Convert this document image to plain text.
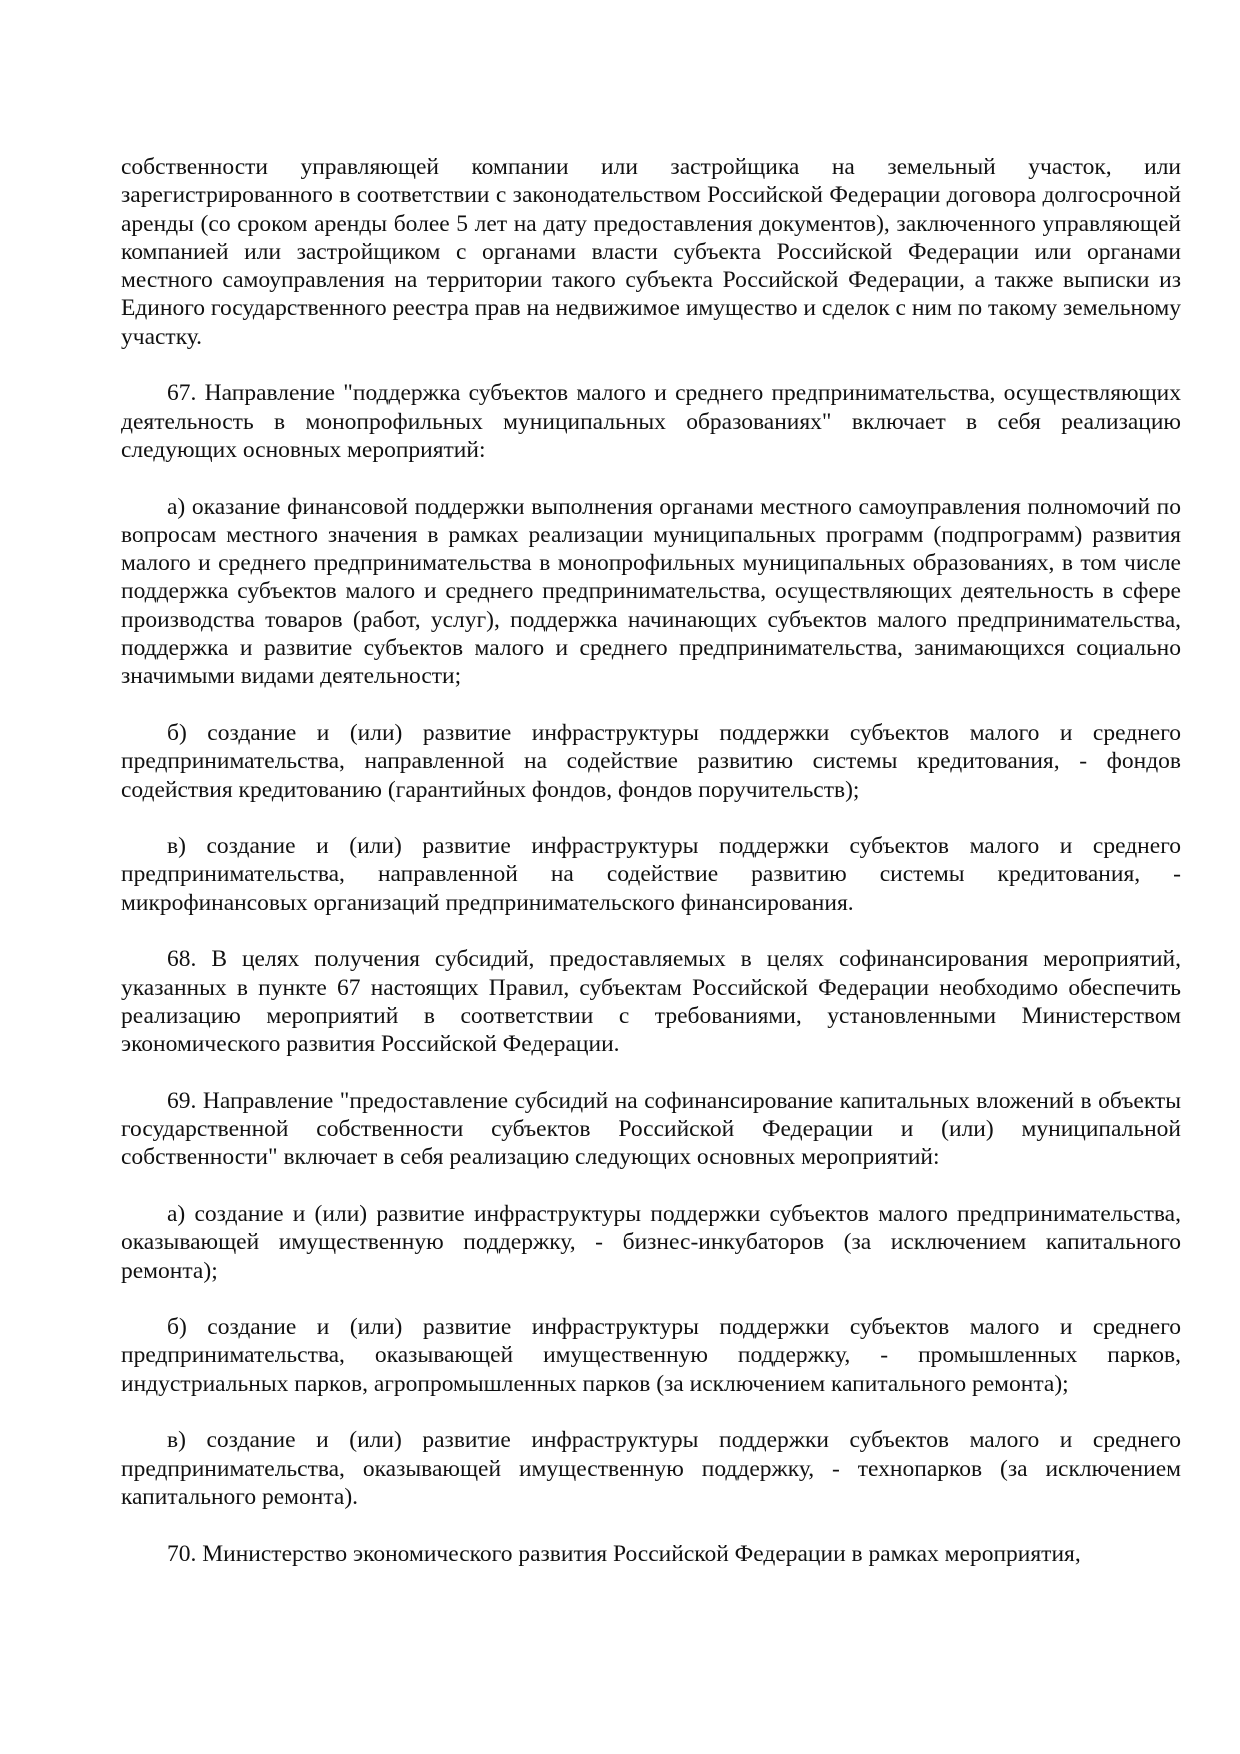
собственности управляющей компании или застройщика на земельный участок, или зарегистрированного в соответствии с законодательством Российской Федерации договора долгосрочной аренды (со сроком аренды более 5 лет на дату предоставления документов), заключенного управляющей компанией или застройщиком с органами власти субъекта Российской Федерации или органами местного самоуправления на территории такого субъекта Российской Федерации, а также выписки из Единого государственного реестра прав на недвижимое имущество и сделок с ним по такому земельному участку.

67. Направление "поддержка субъектов малого и среднего предпринимательства, осуществляющих деятельность в монопрофильных муниципальных образованиях" включает в себя реализацию следующих основных мероприятий:

а) оказание финансовой поддержки выполнения органами местного самоуправления полномочий по вопросам местного значения в рамках реализации муниципальных программ (подпрограмм) развития малого и среднего предпринимательства в монопрофильных муниципальных образованиях, в том числе поддержка субъектов малого и среднего предпринимательства, осуществляющих деятельность в сфере производства товаров (работ, услуг), поддержка начинающих субъектов малого предпринимательства, поддержка и развитие субъектов малого и среднего предпринимательства, занимающихся социально значимыми видами деятельности;

б) создание и (или) развитие инфраструктуры поддержки субъектов малого и среднего предпринимательства, направленной на содействие развитию системы кредитования, - фондов содействия кредитованию (гарантийных фондов, фондов поручительств);

в) создание и (или) развитие инфраструктуры поддержки субъектов малого и среднего предпринимательства, направленной на содействие развитию системы кредитования, - микрофинансовых организаций предпринимательского финансирования.

68. В целях получения субсидий, предоставляемых в целях софинансирования мероприятий, указанных в пункте 67 настоящих Правил, субъектам Российской Федерации необходимо обеспечить реализацию мероприятий в соответствии с требованиями, установленными Министерством экономического развития Российской Федерации.

69. Направление "предоставление субсидий на софинансирование капитальных вложений в объекты государственной собственности субъектов Российской Федерации и (или) муниципальной собственности" включает в себя реализацию следующих основных мероприятий:

а) создание и (или) развитие инфраструктуры поддержки субъектов малого предпринимательства, оказывающей имущественную поддержку, - бизнес-инкубаторов (за исключением капитального ремонта);

б) создание и (или) развитие инфраструктуры поддержки субъектов малого и среднего предпринимательства, оказывающей имущественную поддержку, - промышленных парков, индустриальных парков, агропромышленных парков (за исключением капитального ремонта);

в) создание и (или) развитие инфраструктуры поддержки субъектов малого и среднего предпринимательства, оказывающей имущественную поддержку, - технопарков (за исключением капитального ремонта).

70. Министерство экономического развития Российской Федерации в рамках мероприятия,
